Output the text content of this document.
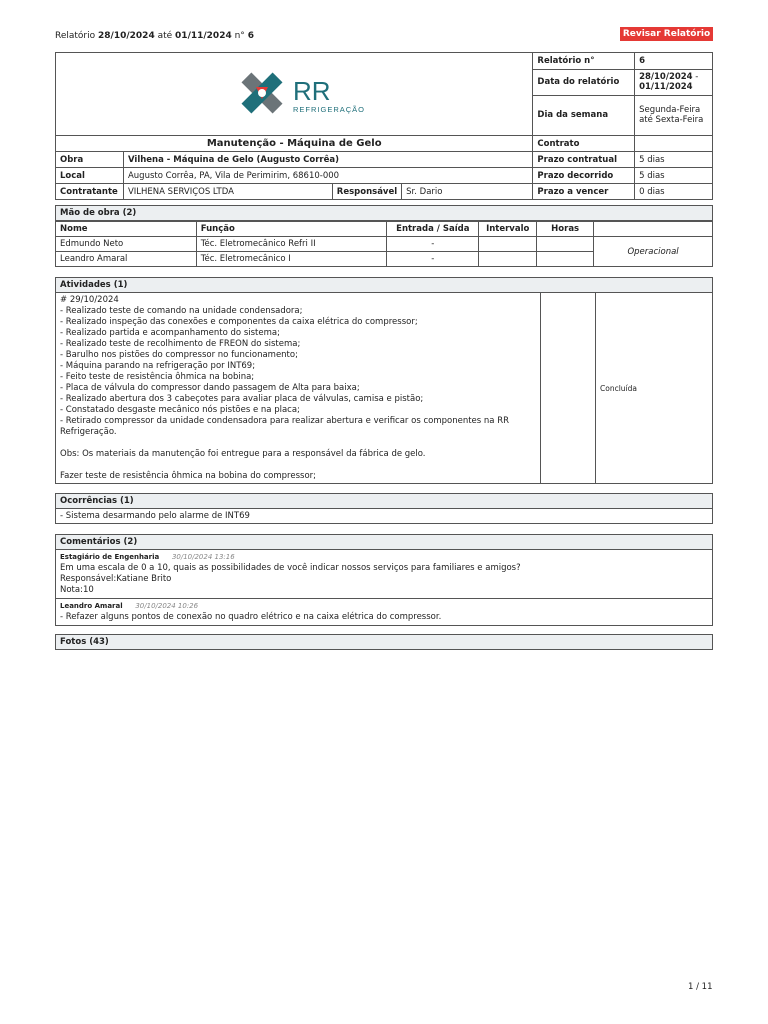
Relatório 28/10/2024 até 01/11/2024 n° 6	Revisar Relatório
RR
REFRIGERAÇÃO				Relatório n°	6
				Data do relatório	28/10/2024 -
01/11/2024
				Dia da semana	Segunda-Feira até Sexta-Feira
Manutenção - Máquina de Gelo				Contrato	
Obra	Vilhena - Máquina de Gelo (Augusto Corrêa)			Prazo contratual	5 dias
Local	Augusto Corrêa, PA, Vila de Perimirim, 68610-000			Prazo decorrido	5 dias
Contratante	VILHENA SERVIÇOS LTDA	Responsável	Sr. Dario	Prazo a vencer	0 dias
Mão de obra (2)
Nome	Função	Entrada / Saída	Intervalo	Horas	
Edmundo Neto	Téc. Eletromecânico Refri II	-			Operacional
Leandro Amaral	Téc. Eletromecânico I	-			
Atividades (1)
# 29/10/2024
- Realizado teste de comando na unidade condensadora;
- Realizado inspeção das conexões e componentes da caixa elétrica do compressor;
- Realizado partida e acompanhamento do sistema;
- Realizado teste de recolhimento de FREON do sistema;
- Barulho nos pistões do compressor no funcionamento;
- Máquina parando na refrigeração por INT69;
- Feito teste de resistência ôhmica na bobina;
- Placa de válvula do compressor dando passagem de Alta para baixa;
- Realizado abertura dos 3 cabeçotes para avaliar placa de válvulas, camisa e pistão;
- Constatado desgaste mecânico nós pistões e na placa;
- Retirado compressor da unidade condensadora para realizar abertura e verificar os componentes na RR Refrigeração.

Obs: Os materiais da manutenção foi entregue para a responsável da fábrica de gelo.

Fazer teste de resistência ôhmica na bobina do compressor;
Concluída
Ocorrências (1)
- Sistema desarmando pelo alarme de INT69
Comentários (2)
Estagiário de Engenharia 30/10/2024 13:16
Em uma escala de 0 a 10, quais as possibilidades de você indicar nossos serviços para familiares e amigos?
Responsável:Katiane Brito
Nota:10
Leandro Amaral 30/10/2024 10:26
- Refazer alguns pontos de conexão no quadro elétrico e na caixa elétrica do compressor.
Fotos (43)
1 / 11
